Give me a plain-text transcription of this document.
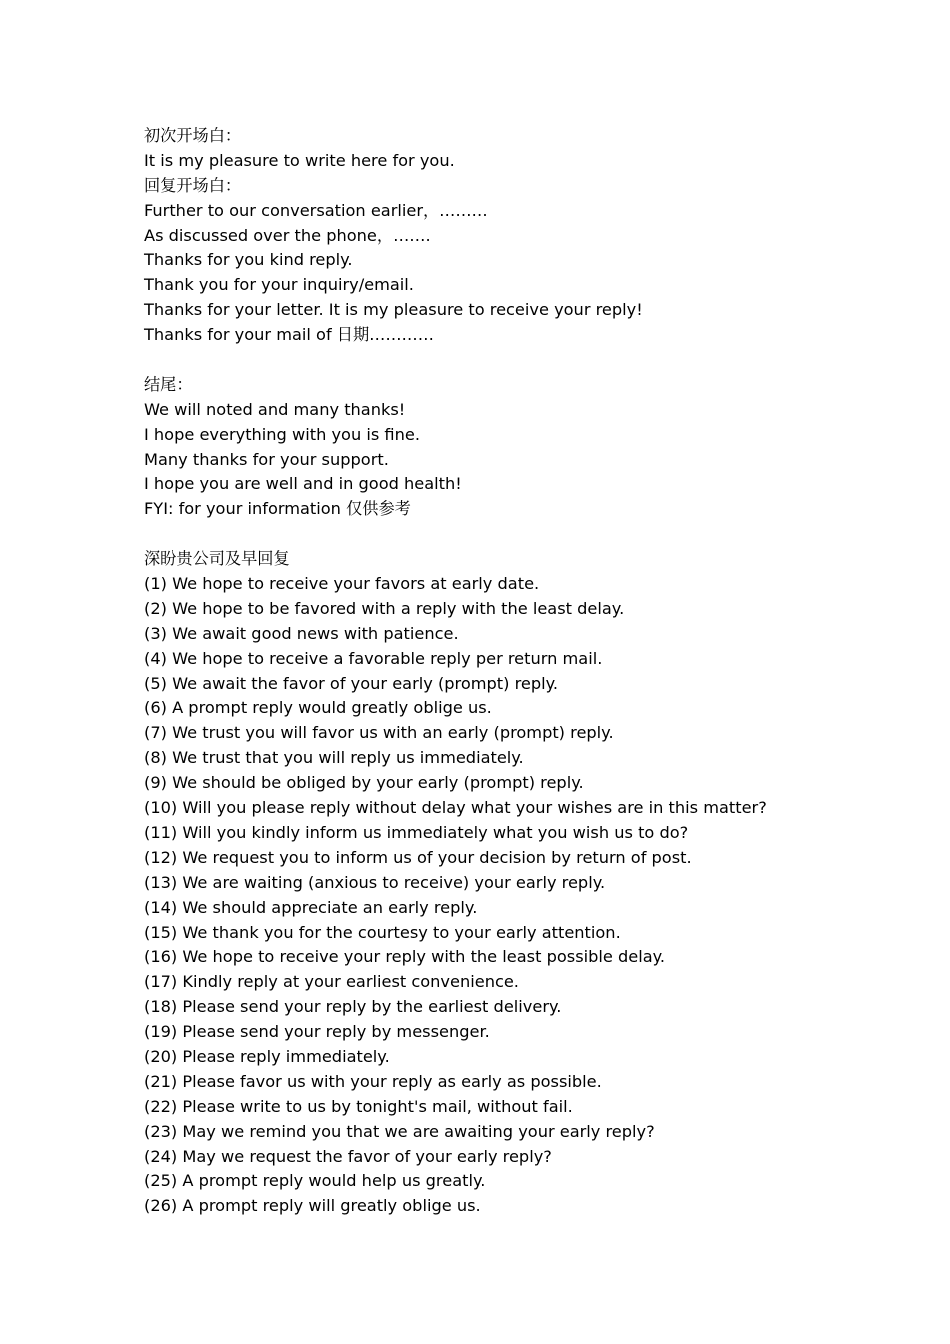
初次开场白：
It is my pleasure to write here for you.
回复开场白：
Further to our conversation earlier，………
As discussed over the phone，…….
Thanks for you kind reply.
Thank you for your inquiry/email.
Thanks for your letter. It is my pleasure to receive your reply!
Thanks for your mail of 日期…………
结尾：
We will noted and many thanks!
I hope everything with you is fine.
Many thanks for your support.
I hope you are well and in good health!
FYI: for your information 仅供参考
深盼贵公司及早回复
(1) We hope to receive your favors at early date.
(2) We hope to be favored with a reply with the least delay.
(3) We await good news with patience.
(4) We hope to receive a favorable reply per return mail.
(5) We await the favor of your early (prompt) reply.
(6) A prompt reply would greatly oblige us.
(7) We trust you will favor us with an early (prompt) reply.
(8) We trust that you will reply us immediately.
(9) We should be obliged by your early (prompt) reply.
(10) Will you please reply without delay what your wishes are in this matter?
(11) Will you kindly inform us immediately what you wish us to do?
(12) We request you to inform us of your decision by return of post.
(13) We are waiting (anxious to receive) your early reply.
(14) We should appreciate an early reply.
(15) We thank you for the courtesy to your early attention.
(16) We hope to receive your reply with the least possible delay.
(17) Kindly reply at your earliest convenience.
(18) Please send your reply by the earliest delivery.
(19) Please send your reply by messenger.
(20) Please reply immediately.
(21) Please favor us with your reply as early as possible.
(22) Please write to us by tonight's mail, without fail.
(23) May we remind you that we are awaiting your early reply?
(24) May we request the favor of your early reply?
(25) A prompt reply would help us greatly.
(26) A prompt reply will greatly oblige us.
